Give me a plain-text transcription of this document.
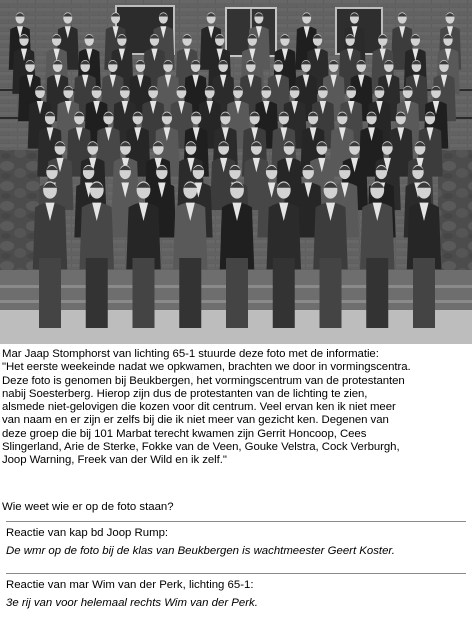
Mar Jaap Stomphorst van lichting 65-1 stuurde deze foto met de informatie:
"Het eerste weekeinde nadat we opkwamen, brachten we door in vormingscentra.
Deze foto is genomen bij Beukbergen, het vormingscentrum van de protestanten
nabij Soesterberg. Hierop zijn dus de protestanten van de lichting te zien,
alsmede niet-gelovigen die kozen voor dit centrum. Veel ervan ken ik niet meer
van naam en er zijn er zelfs bij die ik niet meer van gezicht ken. Degenen van
deze groep die bij 101 Marbat terecht kwamen zijn Gerrit Honcoop, Cees
Slingerland, Arie de Sterke, Fokke van de Veen, Gouke Velstra, Cock Verburgh,
Joop Warning, Freek van der Wild en ik zelf."

Wie weet wie er op de foto staan?

Reactie van kap bd Joop Rump:

De wmr op de foto bij de klas van Beukbergen is wachtmeester Geert Koster.

Reactie van mar Wim van der Perk, lichting 65-1:

3e rij van voor helemaal rechts Wim van der Perk.
